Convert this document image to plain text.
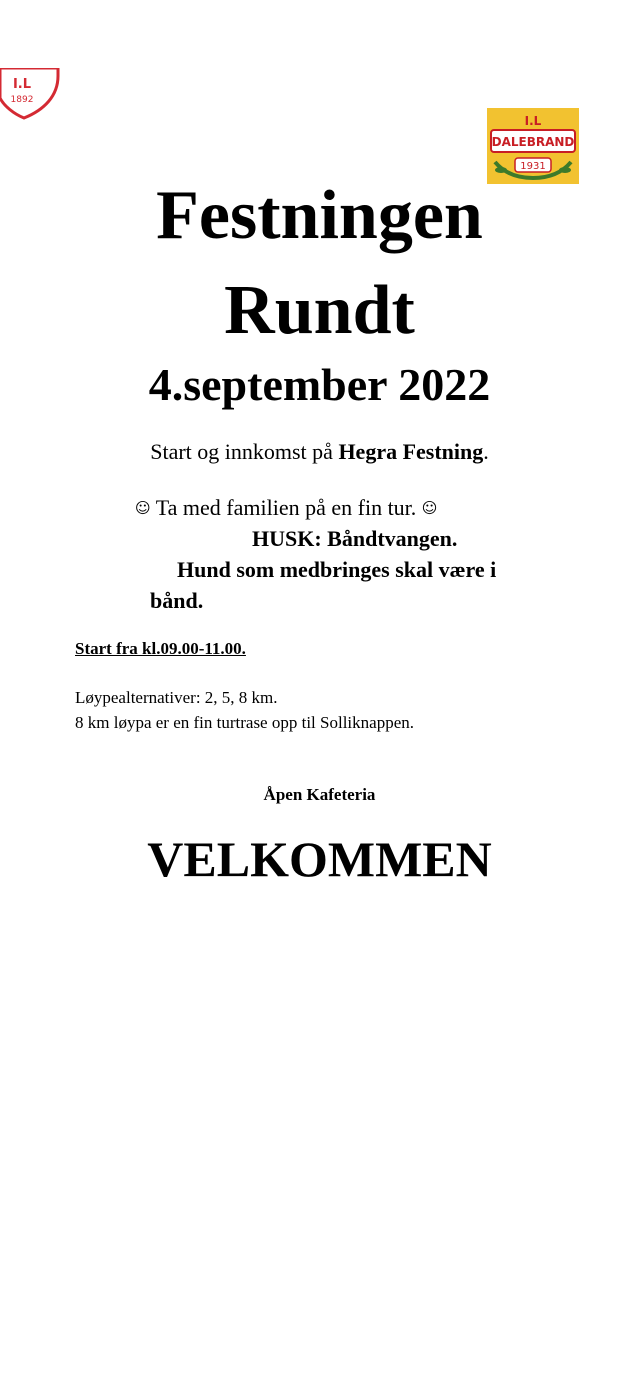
I.L
1892
I.L
DALEBRAND
1931
Festningen
Rundt
4.september 2022
Start og innkomst på Hegra Festning.
☺ Ta med familien på en fin tur. ☺
HUSK: Båndtvangen.
Hund som medbringes skal være i
bånd.
Start fra kl.09.00-11.00.
Løypealternativer: 2, 5, 8 km.
8 km løypa er en fin turtrase opp til Solliknappen.
Åpen Kafeteria
VELKOMMEN
